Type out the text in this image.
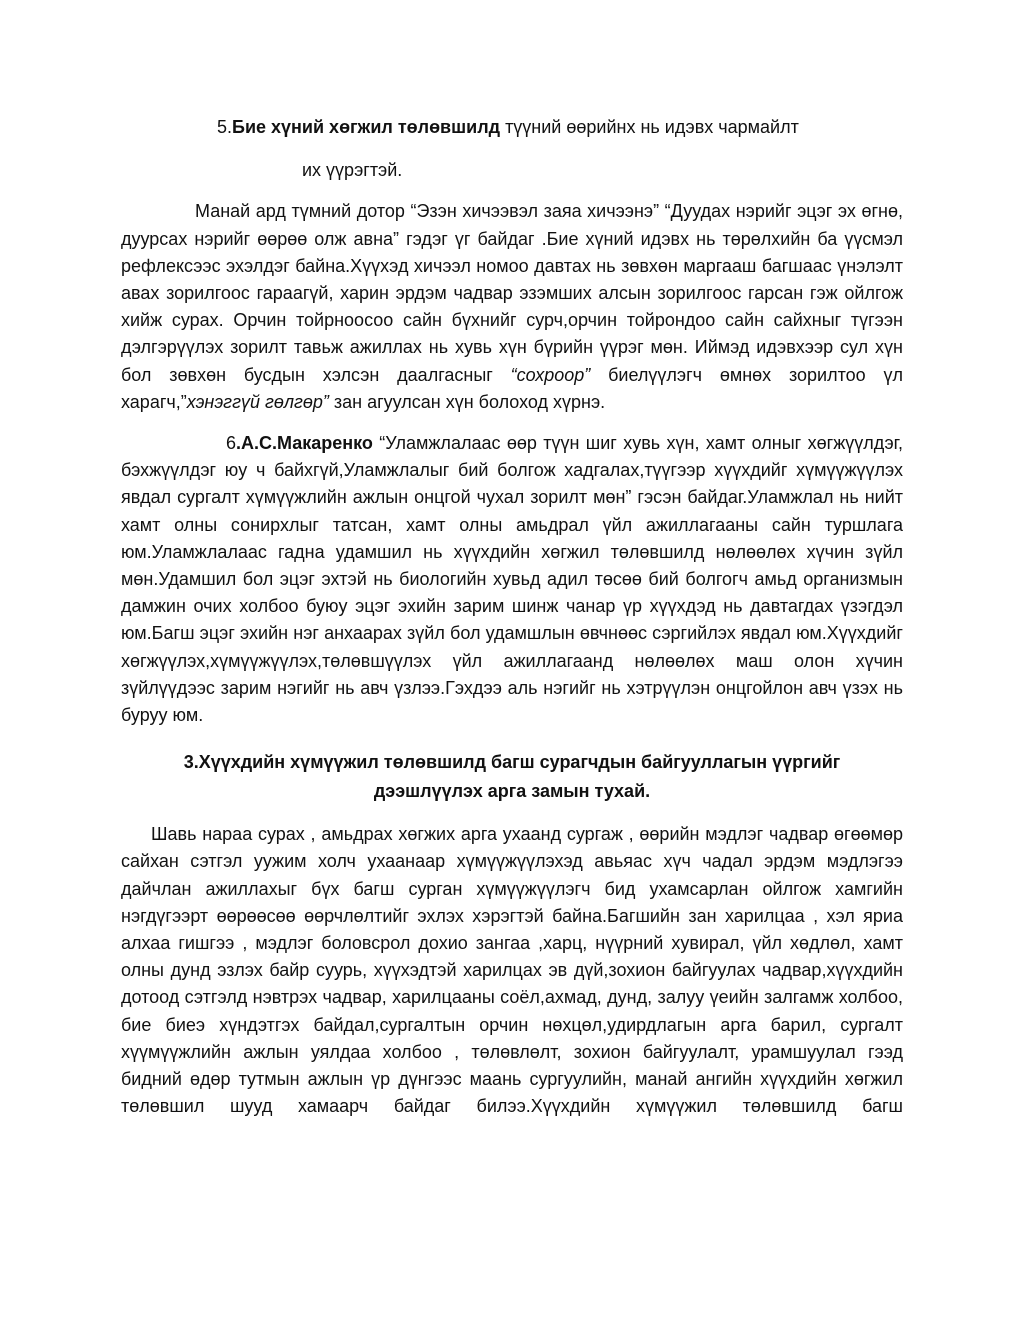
5.Бие хүний хөгжил төлөвшилд түүний өөрийнх нь идэвх чармайлт

их үүрэгтэй.

Манай ард түмний дотор “Эзэн хичээвэл заяа хичээнэ” “Дуудах нэрийг эцэг эх өгнө, дуурсах нэрийг өөрөө олж авна” гэдэг үг байдаг .Бие хүний идэвх нь төрөлхийн ба үүсмэл рефлексээс эхэлдэг байна.Хүүхэд хичээл номоо давтах нь зөвхөн маргааш багшаас үнэлэлт авах зорилгоос гараагүй, харин эрдэм чадвар эзэмших алсын зорилгоос гарсан гэж ойлгож хийж сурах. Орчин тойрноосоо сайн бүхнийг сурч,орчин тойрондоо сайн сайхныг түгээн дэлгэрүүлэх зорилт тавьж ажиллах нь хувь хүн бүрийн үүрэг мөн. Иймэд идэвхээр сул хүн бол зөвхөн бусдын хэлсэн даалгасныг “сохроор” биелүүлэгч өмнөх зорилтоо үл харагч,”хэнэггүй гөлгөр” зан агуулсан хүн болоход хүрнэ.

6.А.С.Макаренко “Уламжлалаас өөр түүн шиг хувь хүн, хамт олныг хөгжүүлдэг, бэхжүүлдэг юу ч байхгүй,Уламжлалыг бий болгож хадгалах,түүгээр хүүхдийг хүмүүжүүлэх явдал сургалт хүмүүжлийн ажлын онцгой чухал зорилт мөн” гэсэн байдаг.Уламжлал нь нийт хамт олны сонирхлыг татсан, хамт олны амьдрал үйл ажиллагааны сайн туршлага юм.Уламжлалаас гадна удамшил нь хүүхдийн хөгжил төлөвшилд нөлөөлөх хүчин зүйл мөн.Удамшил бол эцэг эхтэй нь биологийн хувьд адил төсөө бий болгогч амьд организмын дамжин очих холбоо буюу эцэг эхийн зарим шинж чанар үр хүүхдэд нь давтагдах үзэгдэл юм.Багш эцэг эхийн нэг анхаарах зүйл бол удамшлын өвчнөөс сэргийлэх явдал юм.Хүүхдийг хөгжүүлэх,хүмүүжүүлэх,төлөвшүүлэх үйл ажиллагаанд нөлөөлөх маш олон хүчин зүйлүүдээс зарим нэгийг нь авч үзлээ.Гэхдээ аль нэгийг нь хэтрүүлэн онцгойлон авч үзэх нь буруу юм.

3.Хүүхдийн хүмүүжил төлөвшилд багш сурагчдын байгууллагын үүргийг
дээшлүүлэх арга замын тухай.

Шавь нараа сурах , амьдрах хөгжих арга ухаанд сургаж , өөрийн мэдлэг чадвар өгөөмөр сайхан сэтгэл уужим холч ухаанаар хүмүүжүүлэхэд авьяас хүч чадал эрдэм мэдлэгээ дайчлан ажиллахыг бүх багш сурган хүмүүжүүлэгч бид ухамсарлан ойлгож хамгийн нэгдүгээрт өөрөөсөө өөрчлөлтийг эхлэх хэрэгтэй байна.Багшийн зан харилцаа , хэл яриа алхаа гишгээ , мэдлэг боловсрол дохио зангаа ,харц, нүүрний хувирал, үйл хөдлөл, хамт олны дунд эзлэх байр суурь, хүүхэдтэй харилцах эв дүй,зохион байгуулах чадвар,хүүхдийн дотоод сэтгэлд нэвтрэх чадвар, харилцааны соёл,ахмад, дунд, залуу үеийн залгамж холбоо, бие биеэ хүндэтгэх байдал,сургалтын орчин нөхцөл,удирдлагын арга барил, сургалт хүүмүүжлийн ажлын уялдаа холбоо , төлөвлөлт, зохион байгуулалт, урамшуулал гээд бидний өдөр тутмын ажлын үр дүнгээс маань сургуулийн, манай ангийн хүүхдийн хөгжил төлөвшил шууд хамаарч байдаг билээ.Хүүхдийн хүмүүжил төлөвшилд багш
